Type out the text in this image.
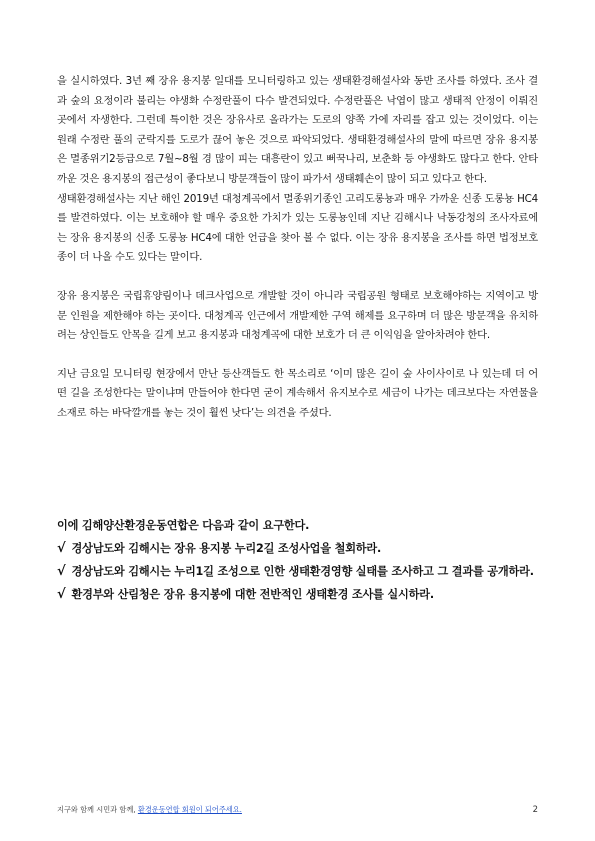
을 실시하였다. 3년 째 장유 용지봉 일대를 모니터링하고 있는 생태환경해설사와 동반 조사를 하였다. 조사 결과 숲의 요정이라 불리는 야생화 수정란풀이 다수 발견되었다. 수정란풀은 낙엽이 많고 생태적 안정이 이뤄진 곳에서 자생한다. 그런데 특이한 것은 장유사로 올라가는 도로의 양쪽 가에 자리를 잡고 있는 것이었다. 이는 원래 수정란 풀의 군락지를 도로가 끊어 놓은 것으로 파악되었다. 생태환경해설사의 말에 따르면 장유 용지봉은 멸종위기2등급으로 7월~8월 경 많이 피는 대흥란이 있고 뻐꾹나리, 보춘화 등 야생화도 많다고 한다. 안타까운 것은 용지봉의 접근성이 좋다보니 방문객들이 많이 파가서 생태훼손이 많이 되고 있다고 한다.

생태환경해설사는 지난 해인 2019년 대청계곡에서 멸종위기종인 고리도롱뇽과 매우 가까운 신종 도롱뇽 HC4를 발견하였다. 이는 보호해야 할 매우 중요한 가치가 있는 도롱뇽인데 지난 김해시나 낙동강청의 조사자료에는 장유 용지봉의 신종 도롱뇽 HC4에 대한 언급을 찾아 볼 수 없다. 이는 장유 용지봉을 조사를 하면 법정보호종이 더 나올 수도 있다는 말이다.

장유 용지봉은 국립휴양림이나 데크사업으로 개발할 것이 아니라 국립공원 형태로 보호해야하는 지역이고 방문 인원을 제한해야 하는 곳이다. 대청계곡 인근에서 개발제한 구역 해제를 요구하며 더 많은 방문객을 유치하려는 상인들도 안목을 길게 보고 용지봉과 대청계곡에 대한 보호가 더 큰 이익임을 알아차려야 한다.

지난 금요일 모니터링 현장에서 만난 등산객들도 한 목소리로 ‘이미 많은 길이 숲 사이사이로 나 있는데 더 어떤 길을 조성한다는 말이냐며 만들어야 한다면 굳이 계속해서 유지보수로 세금이 나가는 데크보다는 자연물을 소재로 하는 바닥깔개를 놓는 것이 훨씬 낫다’는 의견을 주셨다.

이에 김해양산환경운동연합은 다음과 같이 요구한다.

√ 경상남도와 김해시는 장유 용지봉 누리2길 조성사업을 철회하라.

√ 경상남도와 김해시는 누리1길 조성으로 인한 생태환경영향 실태를 조사하고 그 결과를 공개하라.

√ 환경부와 산림청은 장유 용지봉에 대한 전반적인 생태환경 조사를 실시하라.

지구와 함께 시민과 함께, 환경운동연합 회원이 되어주세요.	2
